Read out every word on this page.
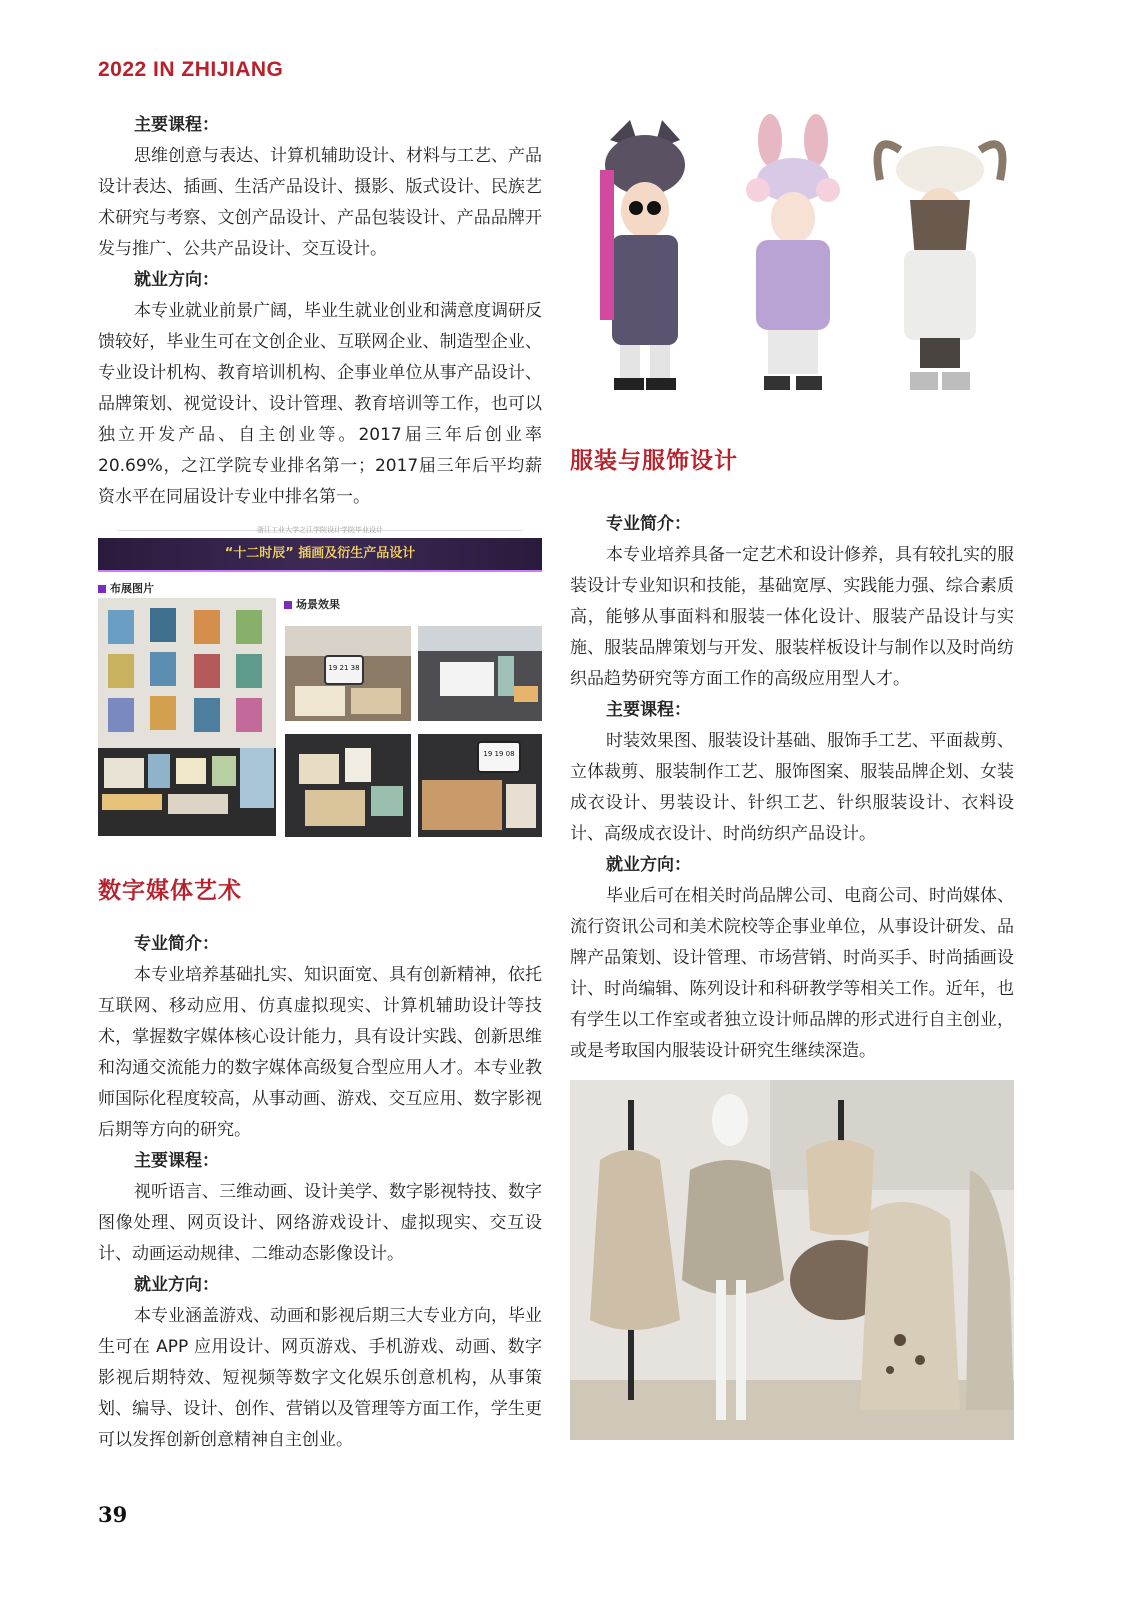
2022 IN ZHIJIANG

主要课程：

思维创意与表达、计算机辅助设计、材料与工艺、产品设计表达、插画、生活产品设计、摄影、版式设计、民族艺术研究与考察、文创产品设计、产品包装设计、产品品牌开发与推广、公共产品设计、交互设计。

就业方向：

本专业就业前景广阔，毕业生就业创业和满意度调研反馈较好，毕业生可在文创企业、互联网企业、制造型企业、专业设计机构、教育培训机构、企事业单位从事产品设计、品牌策划、视觉设计、设计管理、教育培训等工作，也可以独立开发产品、自主创业等。2017届三年后创业率 20.69%，之江学院专业排名第一；2017届三年后平均薪资水平在同届设计专业中排名第一。

浙江工业大学之江学院设计学院毕业设计
“十二时辰” 插画及衍生产品设计
布展图片
场景效果
19 21 38
19 19 08
数字媒体艺术

专业简介：

本专业培养基础扎实、知识面宽、具有创新精神，依托互联网、移动应用、仿真虚拟现实、计算机辅助设计等技术，掌握数字媒体核心设计能力，具有设计实践、创新思维和沟通交流能力的数字媒体高级复合型应用人才。本专业教师国际化程度较高，从事动画、游戏、交互应用、数字影视后期等方向的研究。

主要课程：

视听语言、三维动画、设计美学、数字影视特技、数字图像处理、网页设计、网络游戏设计、虚拟现实、交互设计、动画运动规律、二维动态影像设计。

就业方向：

本专业涵盖游戏、动画和影视后期三大专业方向，毕业生可在 APP 应用设计、网页游戏、手机游戏、动画、数字影视后期特效、短视频等数字文化娱乐创意机构，从事策划、编导、设计、创作、营销以及管理等方面工作，学生更可以发挥创新创意精神自主创业。

服装与服饰设计

专业简介：

本专业培养具备一定艺术和设计修养，具有较扎实的服装设计专业知识和技能，基础宽厚、实践能力强、综合素质高，能够从事面料和服装一体化设计、服装产品设计与实施、服装品牌策划与开发、服装样板设计与制作以及时尚纺织品趋势研究等方面工作的高级应用型人才。

主要课程：

时装效果图、服装设计基础、服饰手工艺、平面裁剪、立体裁剪、服装制作工艺、服饰图案、服装品牌企划、女装成衣设计、男装设计、针织工艺、针织服装设计、衣料设计、高级成衣设计、时尚纺织产品设计。

就业方向：

毕业后可在相关时尚品牌公司、电商公司、时尚媒体、流行资讯公司和美术院校等企事业单位，从事设计研发、品牌产品策划、设计管理、市场营销、时尚买手、时尚插画设计、时尚编辑、陈列设计和科研教学等相关工作。近年，也有学生以工作室或者独立设计师品牌的形式进行自主创业，或是考取国内服装设计研究生继续深造。

39
